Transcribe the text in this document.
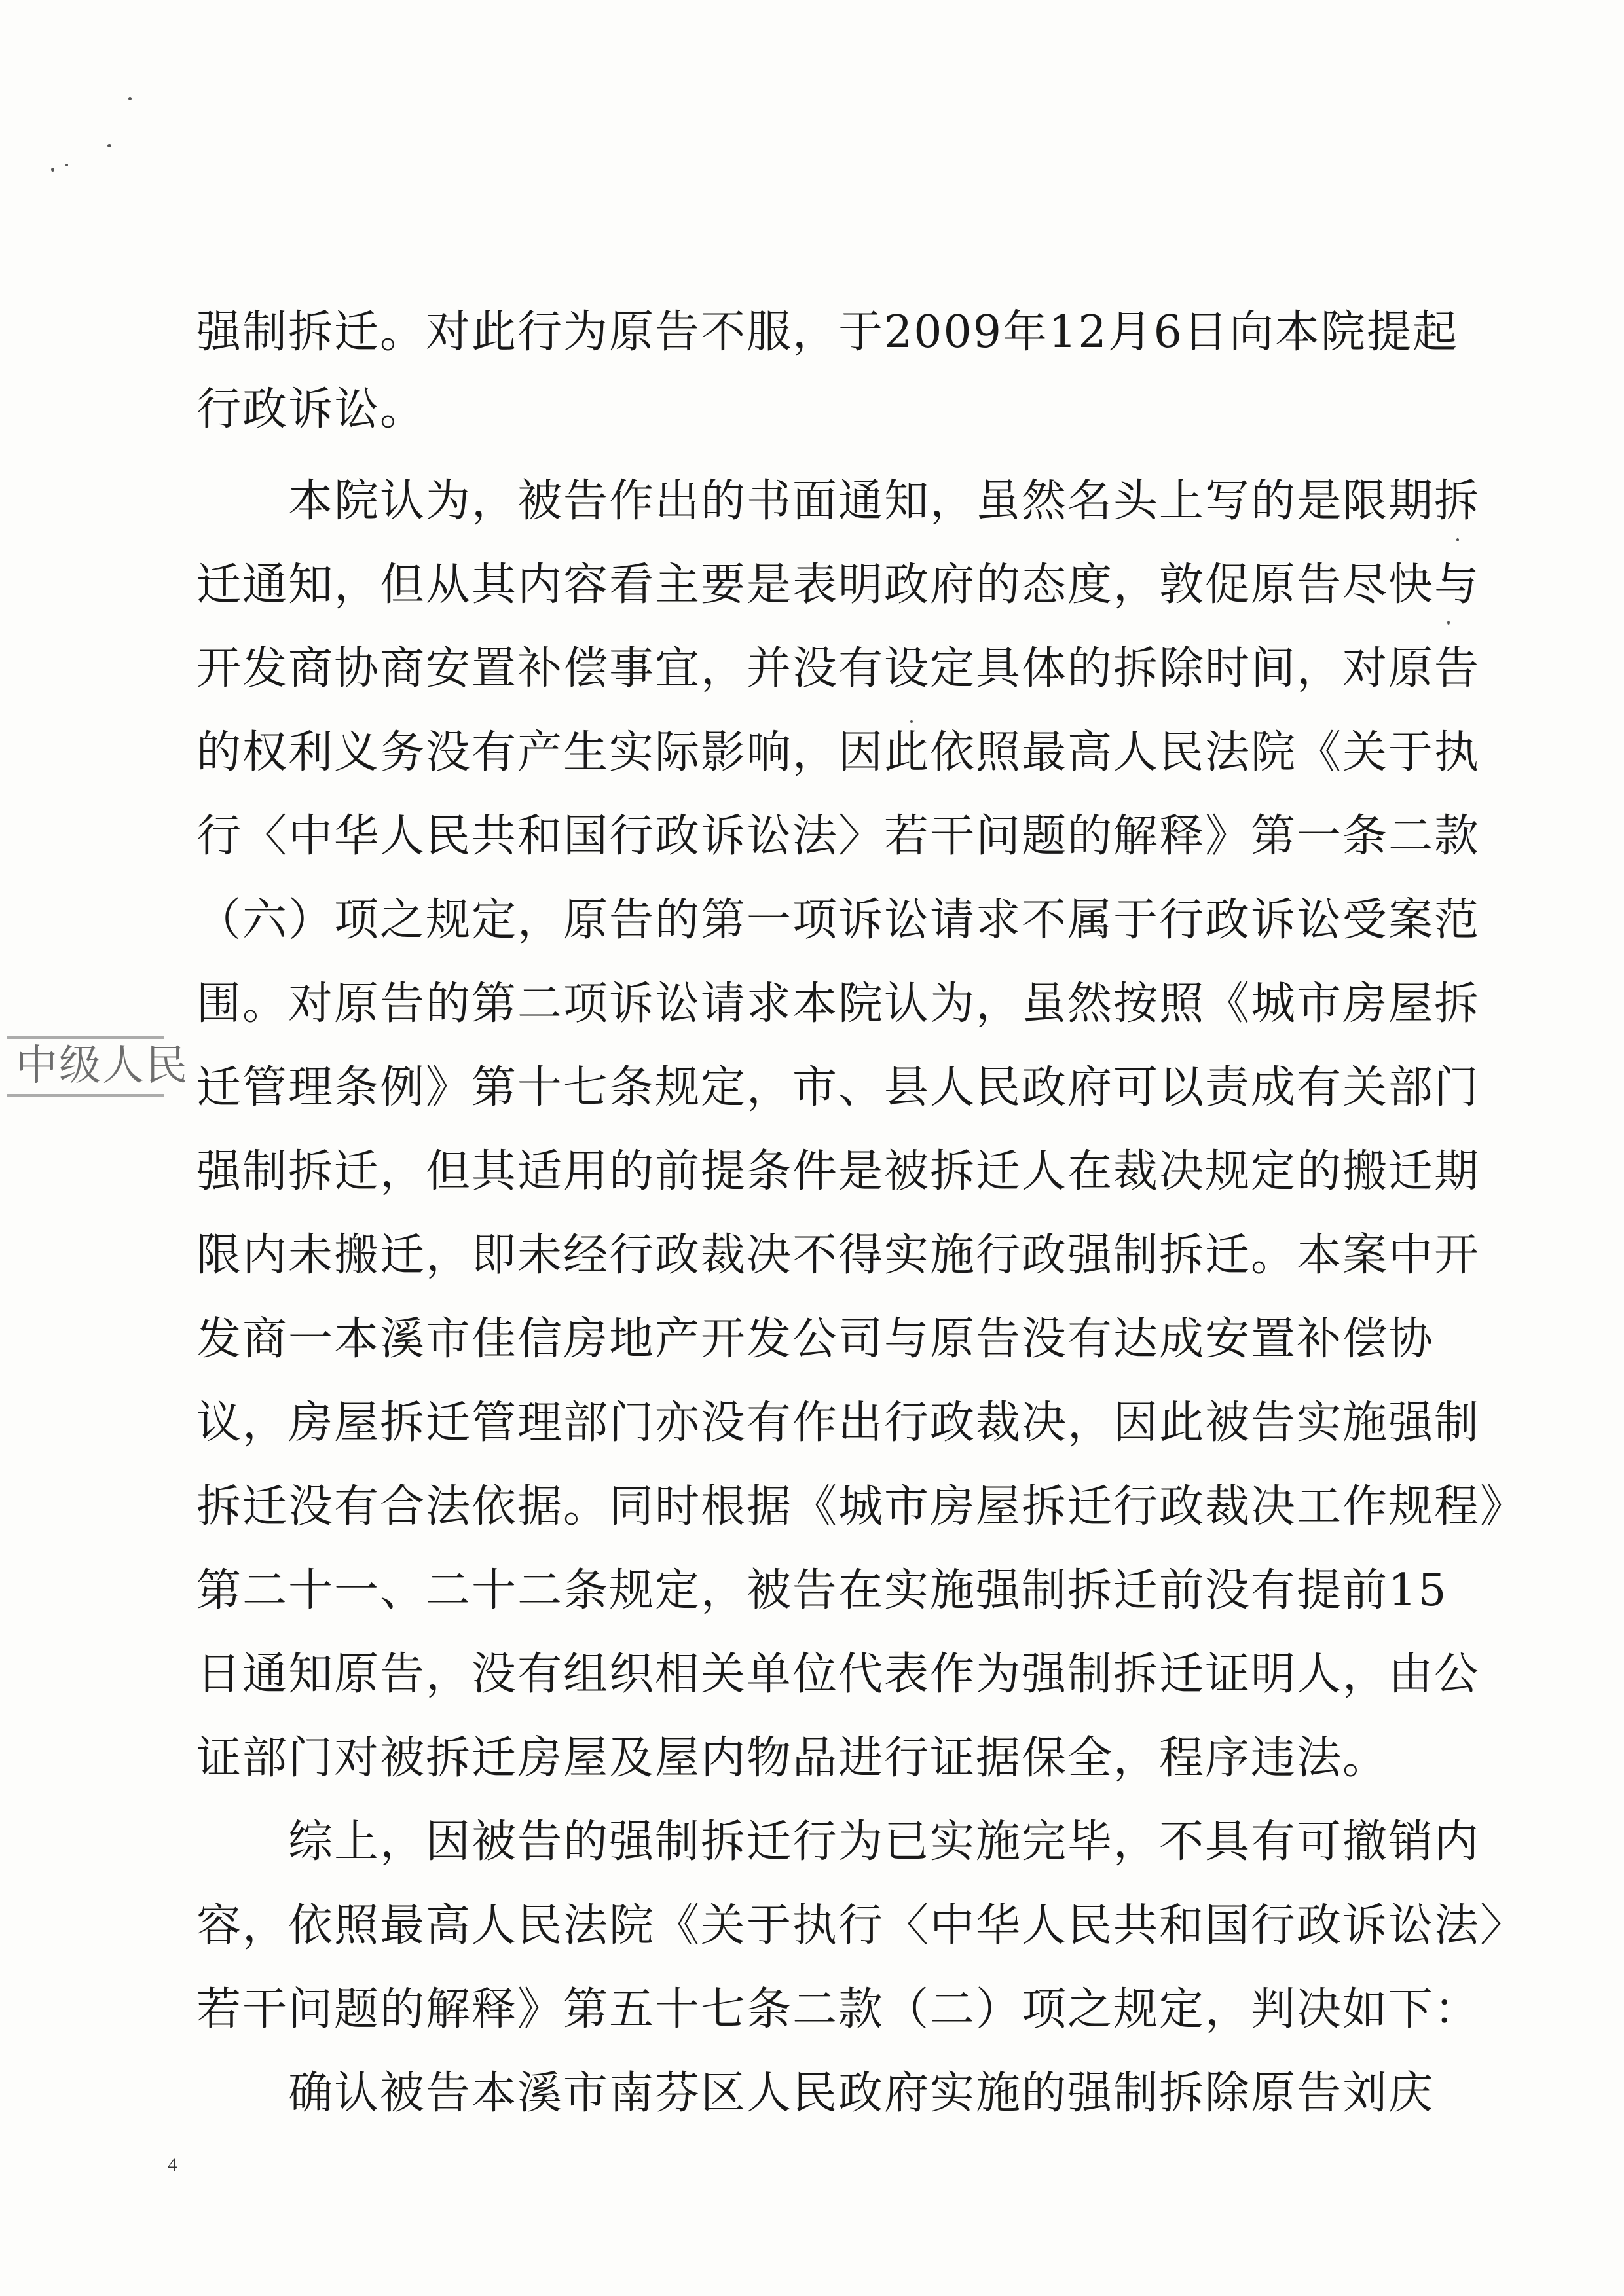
中级人民
强制拆迁。对此行为原告不服，于2009年12月6日向本院提起
行政诉讼。
　　本院认为，被告作出的书面通知，虽然名头上写的是限期拆
迁通知，但从其内容看主要是表明政府的态度，敦促原告尽快与
开发商协商安置补偿事宜，并没有设定具体的拆除时间，对原告
的权利义务没有产生实际影响，因此依照最高人民法院《关于执
行〈中华人民共和国行政诉讼法〉若干问题的解释》第一条二款
（六）项之规定，原告的第一项诉讼请求不属于行政诉讼受案范
围。对原告的第二项诉讼请求本院认为，虽然按照《城市房屋拆
迁管理条例》第十七条规定，市、县人民政府可以责成有关部门
强制拆迁，但其适用的前提条件是被拆迁人在裁决规定的搬迁期
限内未搬迁，即未经行政裁决不得实施行政强制拆迁。本案中开
发商一本溪市佳信房地产开发公司与原告没有达成安置补偿协
议，房屋拆迁管理部门亦没有作出行政裁决，因此被告实施强制
拆迁没有合法依据。同时根据《城市房屋拆迁行政裁决工作规程》
第二十一、二十二条规定，被告在实施强制拆迁前没有提前15
日通知原告，没有组织相关单位代表作为强制拆迁证明人，由公
证部门对被拆迁房屋及屋内物品进行证据保全，程序违法。
　　综上，因被告的强制拆迁行为已实施完毕，不具有可撤销内
容，依照最高人民法院《关于执行〈中华人民共和国行政诉讼法〉
若干问题的解释》第五十七条二款（二）项之规定，判决如下：
　　确认被告本溪市南芬区人民政府实施的强制拆除原告刘庆
4
